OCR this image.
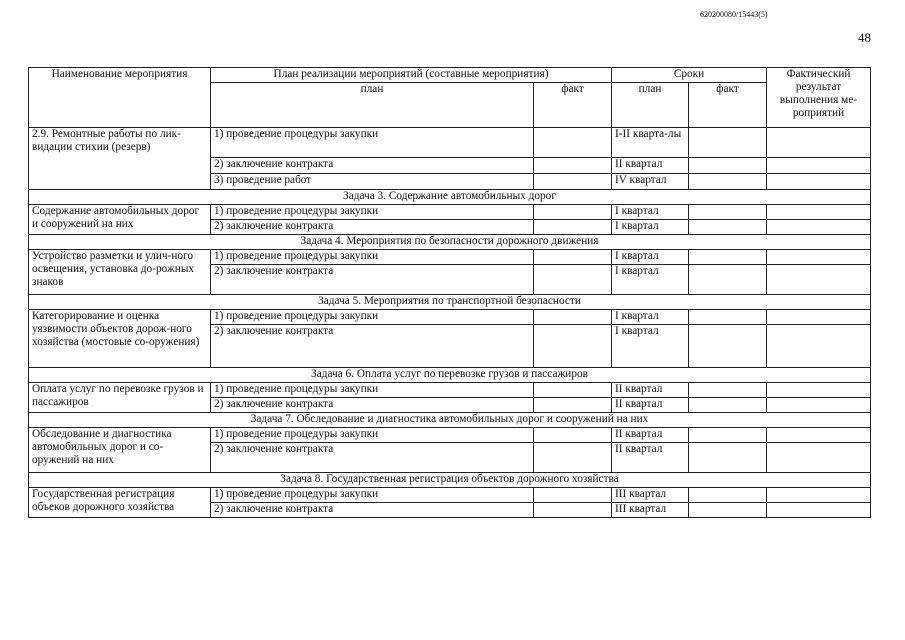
620200080/15443(5)
48
Наименование мероприятия	План реализации мероприятий (составные мероприятия)		Сроки		Фактический результат выполнения ме-роприятий
	план	факт	план	факт	
2.9. Ремонтные работы по лик-видации стихии (резерв)	1) проведение процедуры закупки		I-II кварта-лы		
	2) заключение контракта		II квартал		
	3) проведение работ		IV квартал		
Задача 3. Содержание автомобильных дорог					
Содержание автомобильных дорог и сооружений на них	1) проведение процедуры закупки		I квартал		
	2) заключение контракта		I квартал		
Задача 4. Мероприятия по безопасности дорожного движения					
Устройство разметки и улич-ного освещения, установка до-рожных знаков	1) проведение процедуры закупки		I квартал		
	2) заключение контракта		I квартал		
Задача 5. Мероприятия по транспортной безопасности					
Категорирование и оценка уязвимости объектов дорож-ного хозяйства (мостовые со-оружения)	1) проведение процедуры закупки		I квартал		
	2) заключение контракта		I квартал		
Задача 6. Оплата услуг по перевозке грузов и пассажиров					
Оплата услуг по перевозке грузов и пассажиров	1) проведение процедуры закупки		II квартал		
	2) заключение контракта		II квартал		
Задача 7. Обследование и диагностика автомобильных дорог и сооружений на них					
Обследование и диагностика автомобильных дорог и со-оружений на них	1) проведение процедуры закупки		II квартал		
	2) заключение контракта		II квартал		
Задача 8. Государственная регистрация объектов дорожного хозяйства					
Государственная регистрация объеков дорожного хозяйства	1) проведение процедуры закупки		III квартал		
	2) заключение контракта		III квартал		
